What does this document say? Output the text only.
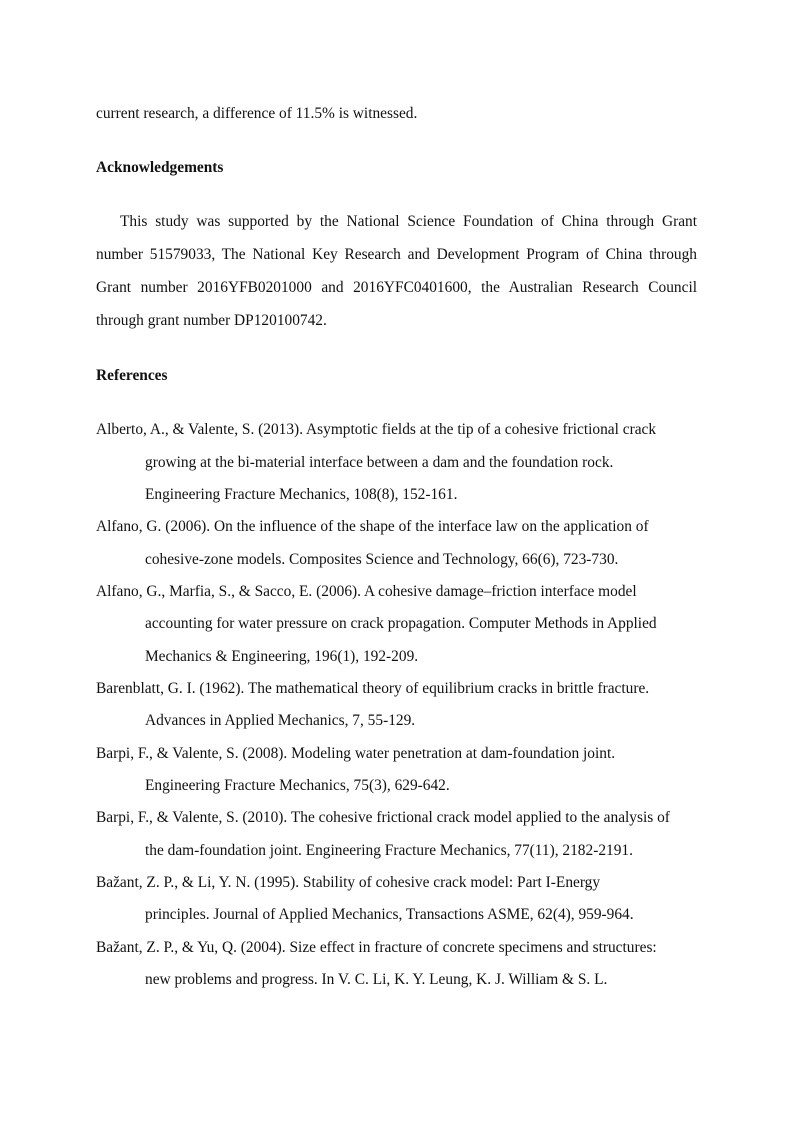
current research, a difference of 11.5% is witnessed.
Acknowledgements
This study was supported by the National Science Foundation of China through Grant
number 51579033, The National Key Research and Development Program of China through
Grant number 2016YFB0201000 and 2016YFC0401600, the Australian Research Council
through grant number DP120100742.
References
Alberto, A., & Valente, S. (2013). Asymptotic fields at the tip of a cohesive frictional crack
growing at the bi-material interface between a dam and the foundation rock.
Engineering Fracture Mechanics, 108(8), 152-161.
Alfano, G. (2006). On the influence of the shape of the interface law on the application of
cohesive-zone models. Composites Science and Technology, 66(6), 723-730.
Alfano, G., Marfia, S., & Sacco, E. (2006). A cohesive damage–friction interface model
accounting for water pressure on crack propagation. Computer Methods in Applied
Mechanics & Engineering, 196(1), 192-209.
Barenblatt, G. I. (1962). The mathematical theory of equilibrium cracks in brittle fracture.
Advances in Applied Mechanics, 7, 55-129.
Barpi, F., & Valente, S. (2008). Modeling water penetration at dam-foundation joint.
Engineering Fracture Mechanics, 75(3), 629-642.
Barpi, F., & Valente, S. (2010). The cohesive frictional crack model applied to the analysis of
the dam-foundation joint. Engineering Fracture Mechanics, 77(11), 2182-2191.
Bažant, Z. P., & Li, Y. N. (1995). Stability of cohesive crack model: Part I-Energy
principles. Journal of Applied Mechanics, Transactions ASME, 62(4), 959-964.
Bažant, Z. P., & Yu, Q. (2004). Size effect in fracture of concrete specimens and structures:
new problems and progress. In V. C. Li, K. Y. Leung, K. J. William & S. L.
